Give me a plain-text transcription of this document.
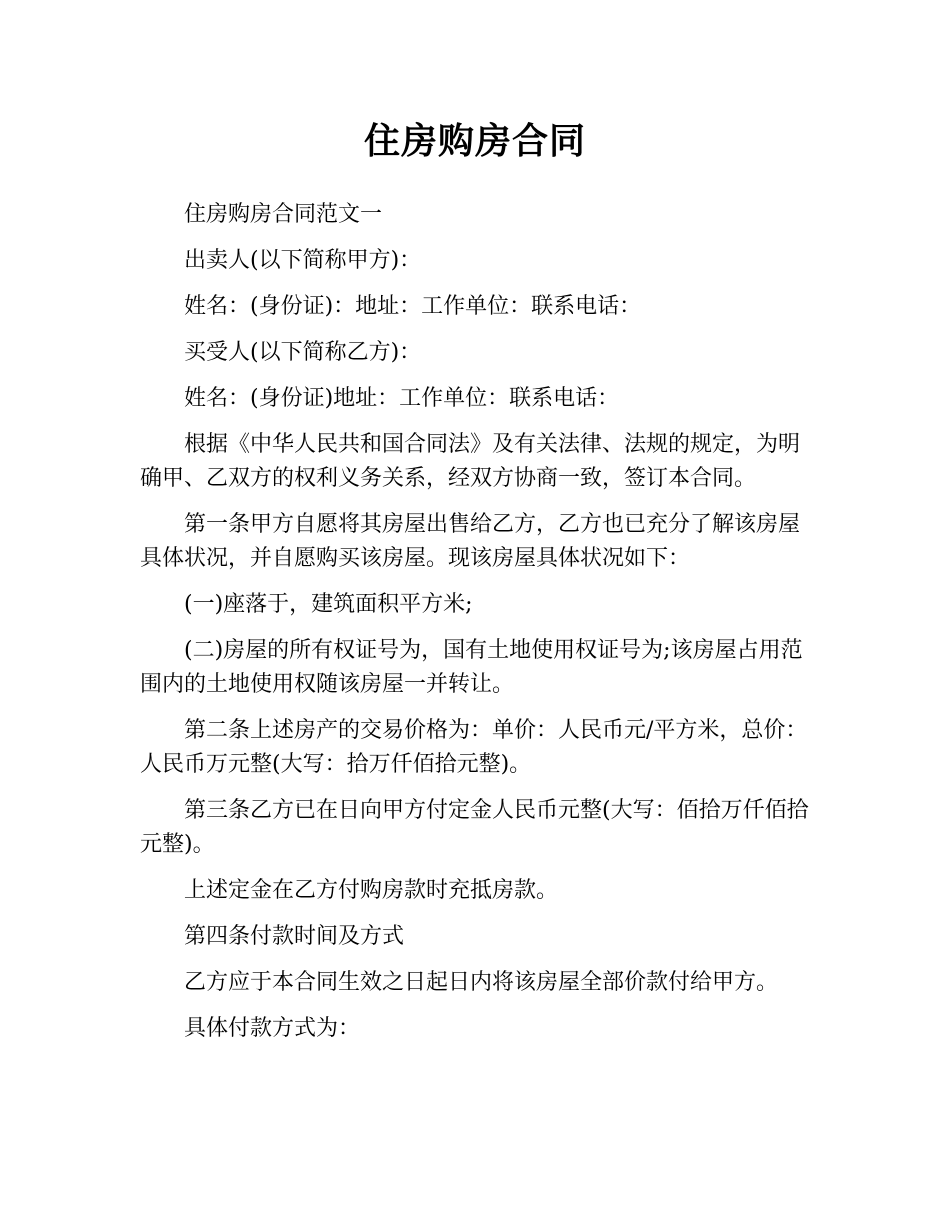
住房购房合同

住房购房合同范文一

出卖人(以下简称甲方)：

姓名：(身份证)：地址：工作单位：联系电话：

买受人(以下简称乙方)：

姓名：(身份证)地址：工作单位：联系电话：

根据《中华人民共和国合同法》及有关法律、法规的规定，为明确甲、乙双方的权利义务关系，经双方协商一致，签订本合同。

第一条甲方自愿将其房屋出售给乙方，乙方也已充分了解该房屋具体状况，并自愿购买该房屋。现该房屋具体状况如下：

(一)座落于，建筑面积平方米;

(二)房屋的所有权证号为，国有土地使用权证号为;该房屋占用范围内的土地使用权随该房屋一并转让。

第二条上述房产的交易价格为：单价：人民币元/平方米，总价：人民币万元整(大写：拾万仟佰拾元整)。

第三条乙方已在日向甲方付定金人民币元整(大写：佰拾万仟佰拾元整)。

上述定金在乙方付购房款时充抵房款。

第四条付款时间及方式

乙方应于本合同生效之日起日内将该房屋全部价款付给甲方。

具体付款方式为：
